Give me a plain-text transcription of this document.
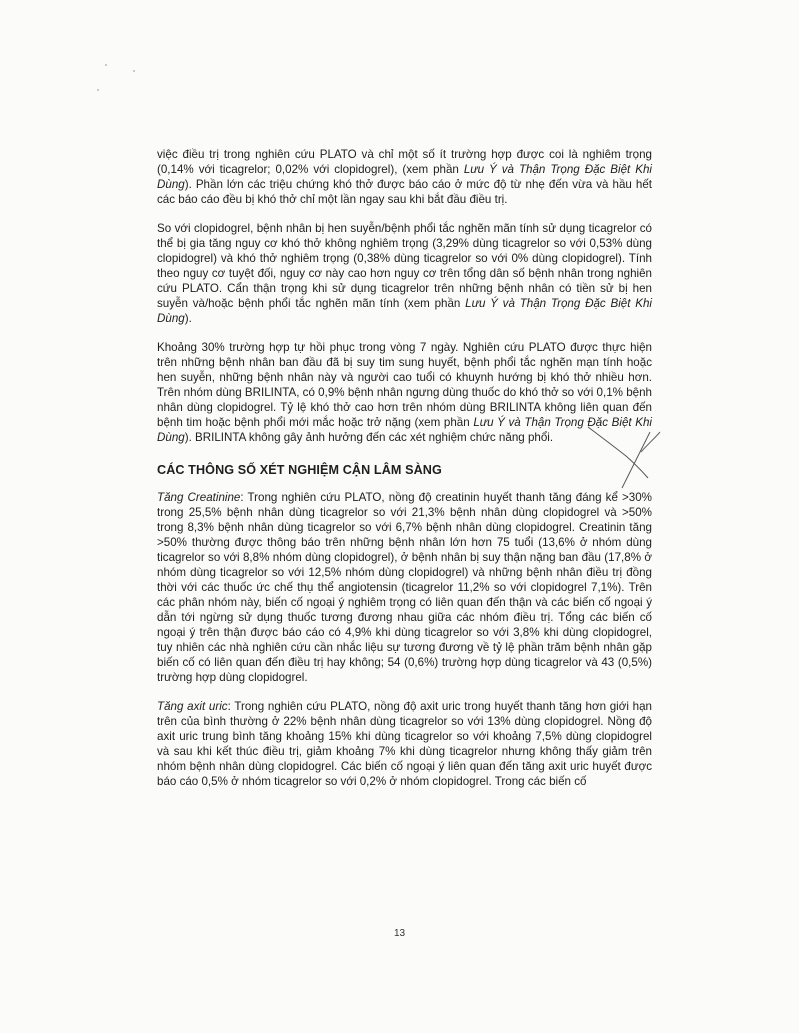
việc điều trị trong nghiên cứu PLATO và chỉ một số ít trường hợp được coi là nghiêm trọng (0,14% với ticagrelor; 0,02% với clopidogrel), (xem phần Lưu Ý và Thận Trọng Đặc Biệt Khi Dùng). Phần lớn các triệu chứng khó thở được báo cáo ở mức độ từ nhẹ đến vừa và hầu hết các báo cáo đều bị khó thở chỉ một lần ngay sau khi bắt đầu điều trị.

So với clopidogrel, bệnh nhân bị hen suyễn/bệnh phổi tắc nghẽn mãn tính sử dụng ticagrelor có thể bị gia tăng nguy cơ khó thở không nghiêm trọng (3,29% dùng ticagrelor so với 0,53% dùng clopidogrel) và khó thở nghiêm trọng (0,38% dùng ticagrelor so với 0% dùng clopidogrel). Tính theo nguy cơ tuyệt đối, nguy cơ này cao hơn nguy cơ trên tổng dân số bệnh nhân trong nghiên cứu PLATO. Cẩn thận trọng khi sử dụng ticagrelor trên những bệnh nhân có tiền sử bị hen suyễn và/hoặc bệnh phổi tắc nghẽn mãn tính (xem phần Lưu Ý và Thận Trọng Đặc Biệt Khi Dùng).

Khoảng 30% trường hợp tự hồi phục trong vòng 7 ngày. Nghiên cứu PLATO được thực hiện trên những bệnh nhân ban đầu đã bị suy tim sung huyết, bệnh phổi tắc nghẽn mạn tính hoặc hen suyễn, những bệnh nhân này và người cao tuổi có khuynh hướng bị khó thở nhiều hơn. Trên nhóm dùng BRILINTA, có 0,9% bệnh nhân ngưng dùng thuốc do khó thở so với 0,1% bệnh nhân dùng clopidogrel. Tỷ lệ khó thở cao hơn trên nhóm dùng BRILINTA không liên quan đến bệnh tim hoặc bệnh phổi mới mắc hoặc trở nặng (xem phần Lưu Ý và Thận Trọng Đặc Biệt Khi Dùng). BRILINTA không gây ảnh hưởng đến các xét nghiệm chức năng phổi.

CÁC THÔNG SỐ XÉT NGHIỆM CẬN LÂM SÀNG

Tăng Creatinine: Trong nghiên cứu PLATO, nồng độ creatinin huyết thanh tăng đáng kể >30% trong 25,5% bệnh nhân dùng ticagrelor so với 21,3% bệnh nhân dùng clopidogrel và >50% trong 8,3% bệnh nhân dùng ticagrelor so với 6,7% bệnh nhân dùng clopidogrel. Creatinin tăng >50% thường được thông báo trên những bệnh nhân lớn hơn 75 tuổi (13,6% ở nhóm dùng ticagrelor so với 8,8% nhóm dùng clopidogrel), ở bệnh nhân bị suy thận nặng ban đầu (17,8% ở nhóm dùng ticagrelor so với 12,5% nhóm dùng clopidogrel) và những bệnh nhân điều trị đồng thời với các thuốc ức chế thụ thể angiotensin (ticagrelor 11,2% so với clopidogrel 7,1%). Trên các phân nhóm này, biến cố ngoại ý nghiêm trọng có liên quan đến thận và các biến cố ngoại ý dẫn tới ngừng sử dụng thuốc tương đương nhau giữa các nhóm điều trị. Tổng các biến cố ngoại ý trên thận được báo cáo có 4,9% khi dùng ticagrelor so với 3,8% khi dùng clopidogrel, tuy nhiên các nhà nghiên cứu cần nhắc liệu sự tương đương về tỷ lệ phần trăm bệnh nhân gặp biến cố có liên quan đến điều trị hay không; 54 (0,6%) trường hợp dùng ticagrelor và 43 (0,5%) trường hợp dùng clopidogrel.

Tăng axit uric: Trong nghiên cứu PLATO, nồng độ axit uric trong huyết thanh tăng hơn giới hạn trên của bình thường ở 22% bệnh nhân dùng ticagrelor so với 13% dùng clopidogrel. Nồng độ axit uric trung bình tăng khoảng 15% khi dùng ticagrelor so với khoảng 7,5% dùng clopidogrel và sau khi kết thúc điều trị, giảm khoảng 7% khi dùng ticagrelor nhưng không thấy giảm trên nhóm bệnh nhân dùng clopidogrel. Các biến cố ngoại ý liên quan đến tăng axit uric huyết được báo cáo 0,5% ở nhóm ticagrelor so với 0,2% ở nhóm clopidogrel. Trong các biến cố

13
